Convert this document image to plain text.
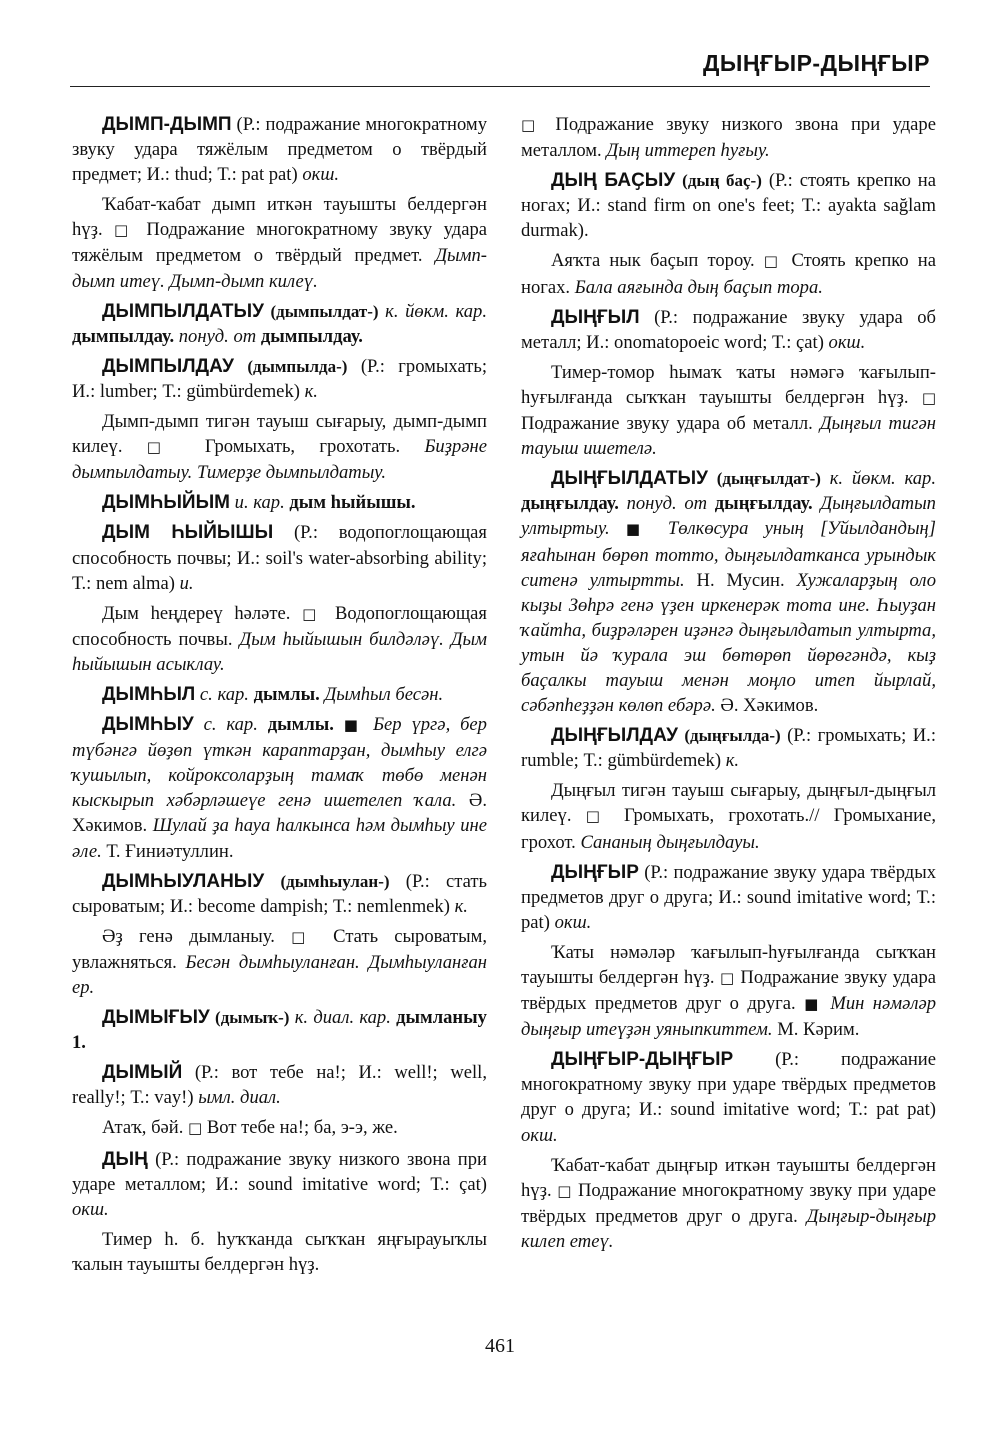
ДЫҢҒЫР-ДЫҢҒЫР

ДЫМП-ДЫМП (Р.: подражание многократному звуку удара тяжёлым предметом о твёрдый предмет; И.: thud; Т.: pat pat) окш.

Ҡабат-ҡабат дымп иткән тауышты белдергән һүҙ. □ Подражание многократному звуку удара тяжёлым предметом о твёрдый предмет. Дымп-дымп итеү. Дымп-дымп килеү.

ДЫМПЫЛДАТЫУ (дымпылдат-) к. йөкм. кар. дымпылдау. понуд. от дымпылдау.

ДЫМПЫЛДАУ (дымпылда-) (Р.: громыхать; И.: lumber; Т.: gümbürdemek) к.

Дымп-дымп тигән тауыш сығарыу, дымп-дымп килеү. □ Громыхать, грохотать. Биҙрәне дымпылдатыу. Тимерҙе дымпылдатыу.

ДЫМҺЫЙЫМ и. кар. дым һыйышы.

ДЫМ ҺЫЙЫШЫ (Р.: водопоглощающая способность почвы; И.: soil's water-absorbing ability; Т.: nem alma) и.

Дым һеңдереү һәләте. □ Водопоглощающая способность почвы. Дым һыйышын билдәләү. Дым һыйышын асыклау.

ДЫМҺЫЛ с. кар. дымлы. Дымһыл бесән.

ДЫМҺЫУ с. кар. дымлы. ■ Бер үргә, бер түбәнгә йөҙөп үткән караптарҙан, дымһыу елгә ҡушылып, койроксоларҙың тамаҡ төбө менән кыскырып хәбәрләшеүе генә ишетелеп ҡала. Ә. Хәкимов. Шулай ҙа һауа һалкынса һәм дымһыу ине әле. Т. Ғиниәтуллин.

ДЫМҺЫУЛАНЫУ (дымһыулан-) (Р.: стать сыроватым; И.: become dampish; Т.: nemlenmek) к.

Әҙ генә дымланыу. □ Стать сыроватым, увлажняться. Бесән дымһыуланған. Дымһыуланған ер.

ДЫМЫҒЫУ (дымыҡ-) к. диал. кар. дымланыу 1.

ДЫМЫЙ (Р.: вот тебе на!; И.: well!; well, really!; Т.: vay!) ымл. диал.

Атаҡ, бәй. □ Вот тебе на!; ба, э-э, же.

ДЫҢ (Р.: подражание звуку низкого звона при ударе металлом; И.: sound imitative word; Т.: çat) окш.

Тимер һ. б. һуҡҡанда сыҡҡан яңғырауыҡлы ҡалын тауышты белдергән һүҙ.

□ Подражание звуку низкого звона при ударе металлом. Дың иттереп һуғыу.

ДЫҢ БАҪЫУ (дың баҫ-) (Р.: стоять крепко на ногах; И.: stand firm on one's feet; Т.: ayakta sağlam durmak).

Аяҡта нык баҫып тороу. □ Стоять крепко на ногах. Бала аяғында дың баҫып тора.

ДЫҢҒЫЛ (Р.: подражание звуку удара об металл; И.: onomatopoeic word; Т.: çat) окш.

Тимер-томор һымаҡ ҡаты нәмәгә ҡағылып-һуғылғанда сыҡҡан тауышты белдергән һүҙ. □ Подражание звуку удара об металл. Дыңғыл тигән тауыш ишетелә.

ДЫҢҒЫЛДАТЫУ (дыңғылдат-) к. йөкм. кар. дыңғылдау. понуд. от дыңғылдау. Дыңғылдатып ултыртыу. ■ Төлкөсура уның [Уйылдандың] яғаһынан бөрөп тотто, дыңғылдатканса урындык ситенә ултыртты. Н. Мусин. Хужаларҙың оло кыҙы Зөһрә генә үҙен иркенерәк тота ине. Һыуҙан ҡайтһа, биҙрәләрен иҙәнгә дыңғылдатып ултырта, утын йә ҡурала эш бөтөрөп йөрөгәндә, кыҙ баҫалкы тауыш менән моңло итеп йырлай, сәбәпһеҙҙән көлөп ебәрә. Ә. Хәкимов.

ДЫҢҒЫЛДАУ (дыңғылда-) (Р.: громыхать; И.: rumble; Т.: gümbürdemek) к.

Дыңғыл тигән тауыш сығарыу, дыңғыл-дыңғыл килеү. □ Громыхать, грохотать.// Громыхание, грохот. Сананың дыңғылдауы.

ДЫҢҒЫР (Р.: подражание звуку удара твёрдых предметов друг о друга; И.: sound imitative word; Т.: pat) окш.

Ҡаты нәмәләр ҡағылып-һуғылғанда сыҡҡан тауышты белдергән һүҙ. □ Подражание звуку удара твёрдых предметов друг о друга. ■ Мин нәмәләр дыңғыр итеүҙән уяныпкиттем. М. Кәрим.

ДЫҢҒЫР-ДЫҢҒЫР (Р.: подражание многократному звуку при ударе твёрдых предметов друг о друга; И.: sound imitative word; Т.: pat pat) окш.

Ҡабат-ҡабат дыңғыр иткән тауышты белдергән һүҙ. □ Подражание многократному звуку при ударе твёрдых предметов друг о друга. Дыңғыр-дыңғыр килеп етеү.

461
